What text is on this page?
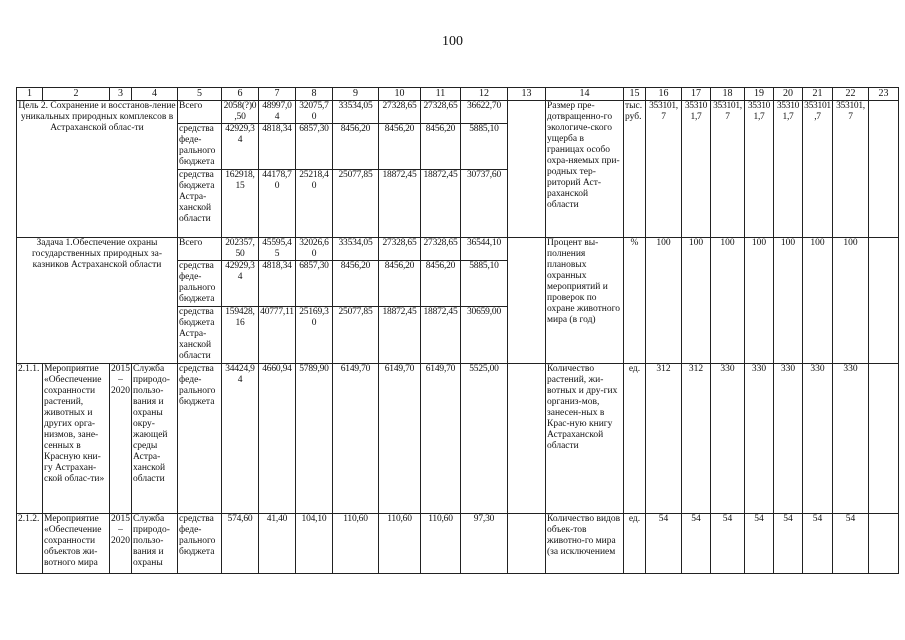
100
1	2	3	4	5	6	7	8	9	10	11	12	13	14	15	16	17	18	19	20	21	22	23
Цель 2. Сохранение и восстанов-ление уникальных природных комплексов в Астраханской облас-ти				Всего	2058(?)0,50	48997,04	32075,70	33534,05	27328,65	27328,65	36622,70		Размер пре-дотвращенно-го экологиче-ского ущерба в границах особо охра-няемых при-родных тер-риторий Аст-раханской области	тыс. руб.	353101,7	353101,7	353101,7	353101,7	353101,7	353101,7	353101,7	
				средства феде-рального бюджета	42929,34	4818,34	6857,30	8456,20	8456,20	8456,20	5885,10											
				средства бюджета Астра-ханской области	162918,15	44178,70	25218,40	25077,85	18872,45	18872,45	30737,60											
Задача 1.Обеспечение охраны государственных природных за-казников Астраханской области				Всего	202357,50	45595,45	32026,60	33534,05	27328,65	27328,65	36544,10		Процент вы-полнения плановых охранных мероприятий и проверок по охране животного мира (в год)	%	100	100	100	100	100	100	100	
				средства феде-рального бюджета	42929,34	4818,34	6857,30	8456,20	8456,20	8456,20	5885,10											
				средства бюджета Астра-ханской области	159428,16	40777,11	25169,30	25077,85	18872,45	18872,45	30659,00											
2.1.1.	Мероприятие «Обеспечение сохранности растений, животных и других орга-низмов, зане-сенных в Красную кни-гу Астрахан-ской облас-ти»	2015 – 2020	Служба природо-пользо-вания и охраны окру-жающей среды Астра-ханской области	средства феде-рального бюджета	34424,94	4660,94	5789,90	6149,70	6149,70	6149,70	5525,00		Количество растений, жи-вотных и дру-гих организ-мов, занесен-ных в Крас-ную книгу Астраханской области	ед.	312	312	330	330	330	330	330	
2.1.2.	Мероприятие «Обеспечение сохранности объектов жи-вотного мира	2015 – 2020	Служба природо-пользо-вания и охраны	средства феде-рального бюджета	574,60	41,40	104,10	110,60	110,60	110,60	97,30		Количество видов объек-тов животно-го мира (за исключением	ед.	54	54	54	54	54	54	54	
